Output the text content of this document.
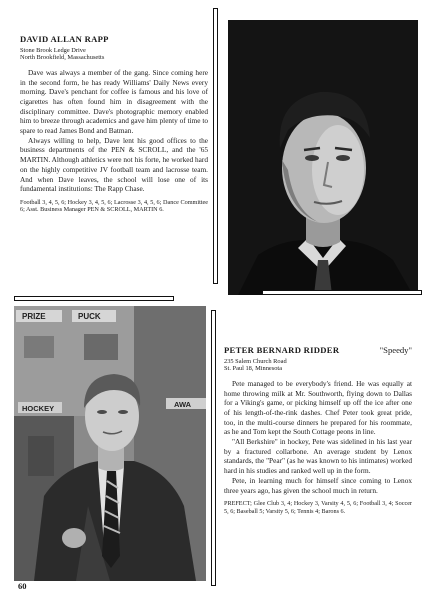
DAVID ALLAN RAPP
Stone Brook Ledge Drive
North Brookfield, Massachusetts

Dave was always a member of the gang. Since coming here in the second form, he has ready Williams' Daily News every morning. Dave's penchant for coffee is famous and his love of cigarettes has often found him in disagreement with the disciplinary committee. Dave's photographic memory enabled him to breeze through academics and gave him plenty of time to spare to read James Bond and Batman.

Always willing to help, Dave lent his good offices to the business departments of the PEN & SCROLL, and the '65 MARTIN. Although athletics were not his forte, he worked hard on the highly competitive JV football team and lacrosse team. And when Dave leaves, the school will lose one of its fundamental institutions: The Rapp Chase.

Football 3, 4, 5, 6; Hockey 3, 4, 5, 6; Lacrosse 3, 4, 5, 6; Dance Committee 6; Asst. Business Manager PEN & SCROLL, MARTIN 6.

PRIZE	PUCK
HOCKEY	AWA
PETER BERNARD RIDDER	"Speedy"
235 Salem Church Road
St. Paul 18, Minnesota

Pete managed to be everybody's friend. He was equally at home throwing milk at Mr. Southworth, flying down to Dallas for a Viking's game, or picking himself up off the ice after one of his length-of-the-rink dashes. Chef Peter took great pride, too, in the multi-course dinners he prepared for his roommate, as he and Tom kept the South Cottage peons in line.

"All Berkshire" in hockey, Pete was sidelined in his last year by a fractured collarbone. An average student by Lenox standards, the "Pear" (as he was known to his intimates) worked hard in his studies and ranked well up in the form.

Pete, in learning much for himself since coming to Lenox three years ago, has given the school much in return.

PREFECT; Glee Club 3, 4; Hockey 3, Varsity 4, 5, 6; Football 3, 4; Soccer 5, 6; Baseball 5; Varsity 5, 6; Tennis 4; Barons 6.

60
